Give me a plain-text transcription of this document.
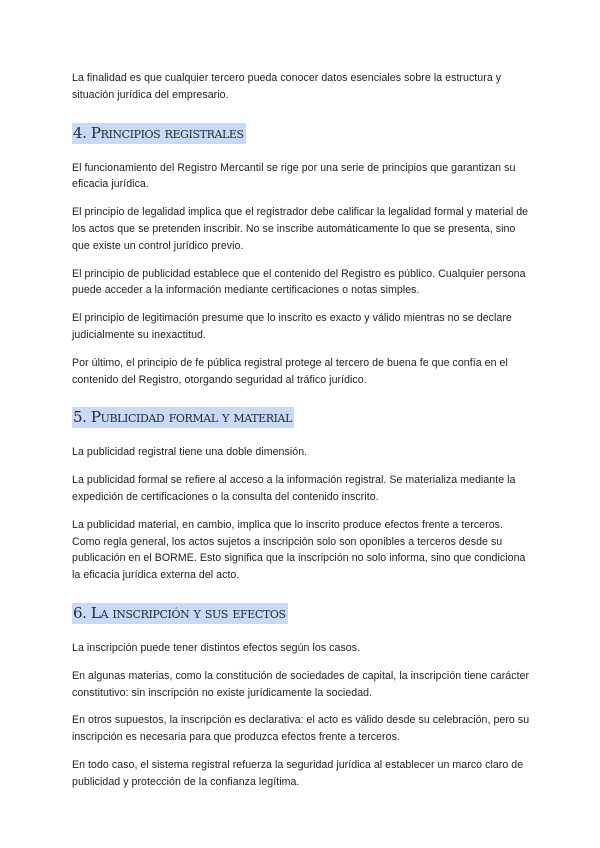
La finalidad es que cualquier tercero pueda conocer datos esenciales sobre la estructura y situación jurídica del empresario.

4. Principios registrales

El funcionamiento del Registro Mercantil se rige por una serie de principios que garantizan su eficacia jurídica.

El principio de legalidad implica que el registrador debe calificar la legalidad formal y material de los actos que se pretenden inscribir. No se inscribe automáticamente lo que se presenta, sino que existe un control jurídico previo.

El principio de publicidad establece que el contenido del Registro es público. Cualquier persona puede acceder a la información mediante certificaciones o notas simples.

El principio de legitimación presume que lo inscrito es exacto y válido mientras no se declare judicialmente su inexactitud.

Por último, el principio de fe pública registral protege al tercero de buena fe que confía en el contenido del Registro, otorgando seguridad al tráfico jurídico.

5. Publicidad formal y material

La publicidad registral tiene una doble dimensión.

La publicidad formal se refiere al acceso a la información registral. Se materializa mediante la expedición de certificaciones o la consulta del contenido inscrito.

La publicidad material, en cambio, implica que lo inscrito produce efectos frente a terceros. Como regla general, los actos sujetos a inscripción solo son oponibles a terceros desde su publicación en el BORME. Esto significa que la inscripción no solo informa, sino que condiciona la eficacia jurídica externa del acto.

6. La inscripción y sus efectos

La inscripción puede tener distintos efectos según los casos.

En algunas materias, como la constitución de sociedades de capital, la inscripción tiene carácter constitutivo: sin inscripción no existe jurídicamente la sociedad.

En otros supuestos, la inscripción es declarativa: el acto es válido desde su celebración, pero su inscripción es necesaria para que produzca efectos frente a terceros.

En todo caso, el sistema registral refuerza la seguridad jurídica al establecer un marco claro de publicidad y protección de la confianza legítima.
